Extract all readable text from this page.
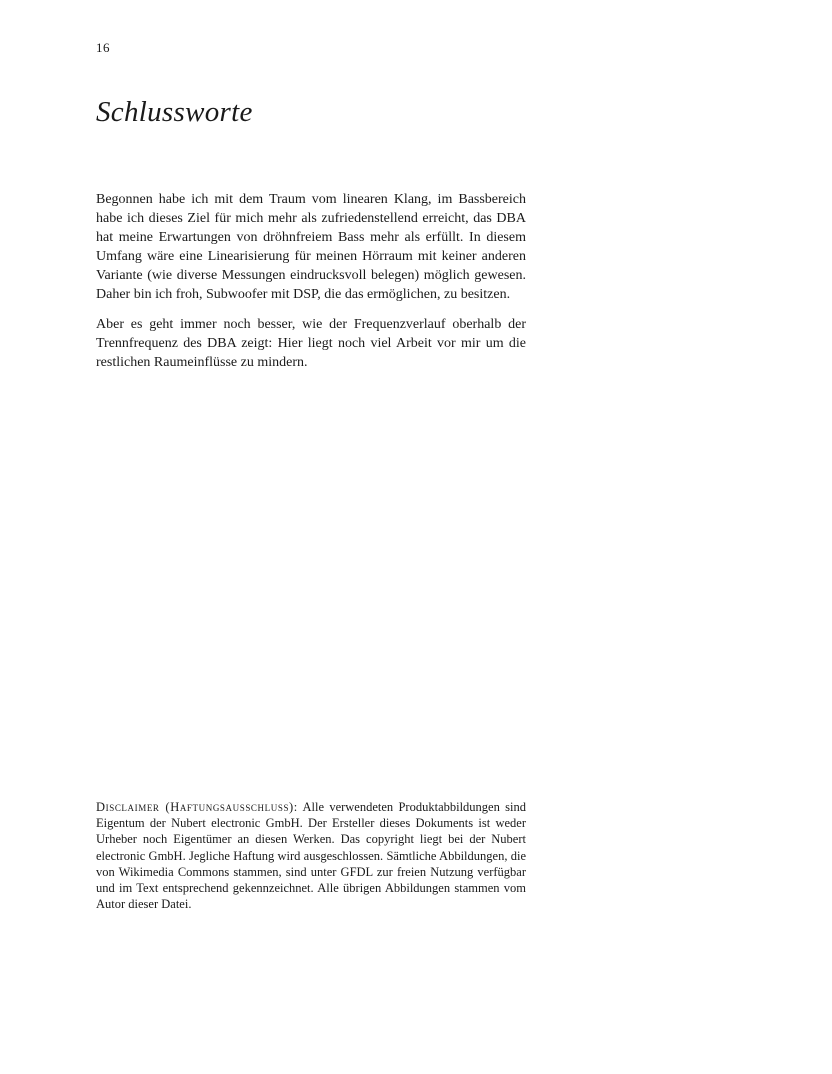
16
Schlussworte

Begonnen habe ich mit dem Traum vom linearen Klang, im Bassbereich habe ich dieses Ziel für mich mehr als zufriedenstellend erreicht, das DBA hat meine Erwartungen von dröhnfreiem Bass mehr als erfüllt. In diesem Umfang wäre eine Linearisierung für meinen Hörraum mit keiner anderen Variante (wie diverse Messungen eindrucksvoll belegen) möglich gewesen. Daher bin ich froh, Subwoofer mit DSP, die das ermöglichen, zu besitzen.

Aber es geht immer noch besser, wie der Frequenzverlauf oberhalb der Trennfrequenz des DBA zeigt: Hier liegt noch viel Arbeit vor mir um die restlichen Raumeinflüsse zu mindern.

Disclaimer (Haftungsausschluss): Alle verwendeten Produktabbildungen sind Eigentum der Nubert electronic GmbH. Der Ersteller dieses Dokuments ist weder Urheber noch Eigentümer an diesen Werken. Das copyright liegt bei der Nubert electronic GmbH. Jegliche Haftung wird ausgeschlossen. Sämtliche Abbildungen, die von Wikimedia Commons stammen, sind unter GFDL zur freien Nutzung verfügbar und im Text entsprechend gekennzeichnet. Alle übrigen Abbildungen stammen vom Autor dieser Datei.
